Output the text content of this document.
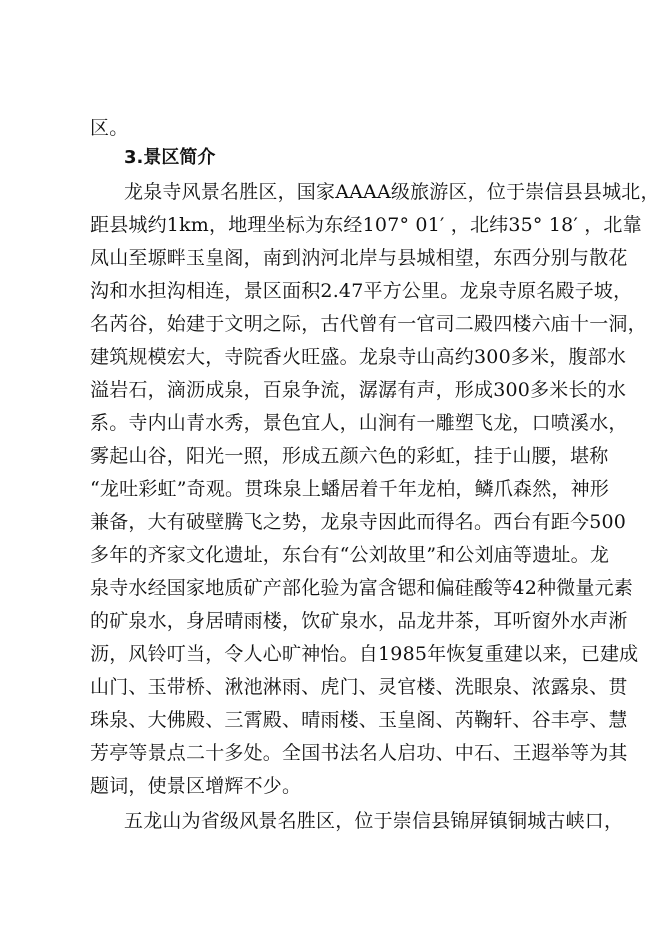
区。
3.景区简介
龙泉寺风景名胜区，国家AAAA级旅游区，位于崇信县县城北，
距县城约1km，地理坐标为东经107° 01′ ，北纬35° 18′ ，北靠
凤山至塬畔玉皇阁，南到汭河北岸与县城相望，东西分别与散花
沟和水担沟相连，景区面积2.47平方公里。龙泉寺原名殿子坡，
名芮谷，始建于文明之际，古代曾有一官司二殿四楼六庙十一洞，
建筑规模宏大，寺院香火旺盛。龙泉寺山高约300多米，腹部水
溢岩石，滴沥成泉，百泉争流，潺潺有声，形成300多米长的水
系。寺内山青水秀，景色宜人，山涧有一雕塑飞龙，口喷溪水，
雾起山谷，阳光一照，形成五颜六色的彩虹，挂于山腰，堪称
“龙吐彩虹”奇观。贯珠泉上蟠居着千年龙柏，鳞爪森然，神形
兼备，大有破壁腾飞之势，龙泉寺因此而得名。西台有距今500
多年的齐家文化遗址，东台有“公刘故里”和公刘庙等遗址。龙
泉寺水经国家地质矿产部化验为富含锶和偏硅酸等42种微量元素
的矿泉水，身居晴雨楼，饮矿泉水，品龙井茶，耳听窗外水声淅
沥，风铃叮当，令人心旷神怡。自1985年恢复重建以来，已建成
山门、玉带桥、湫池淋雨、虎门、灵官楼、洗眼泉、浓露泉、贯
珠泉、大佛殿、三霄殿、晴雨楼、玉皇阁、芮鞠轩、谷丰亭、慧
芳亭等景点二十多处。全国书法名人启功、中石、王遐举等为其
题词，使景区增辉不少。
五龙山为省级风景名胜区，位于崇信县锦屏镇铜城古峡口，
